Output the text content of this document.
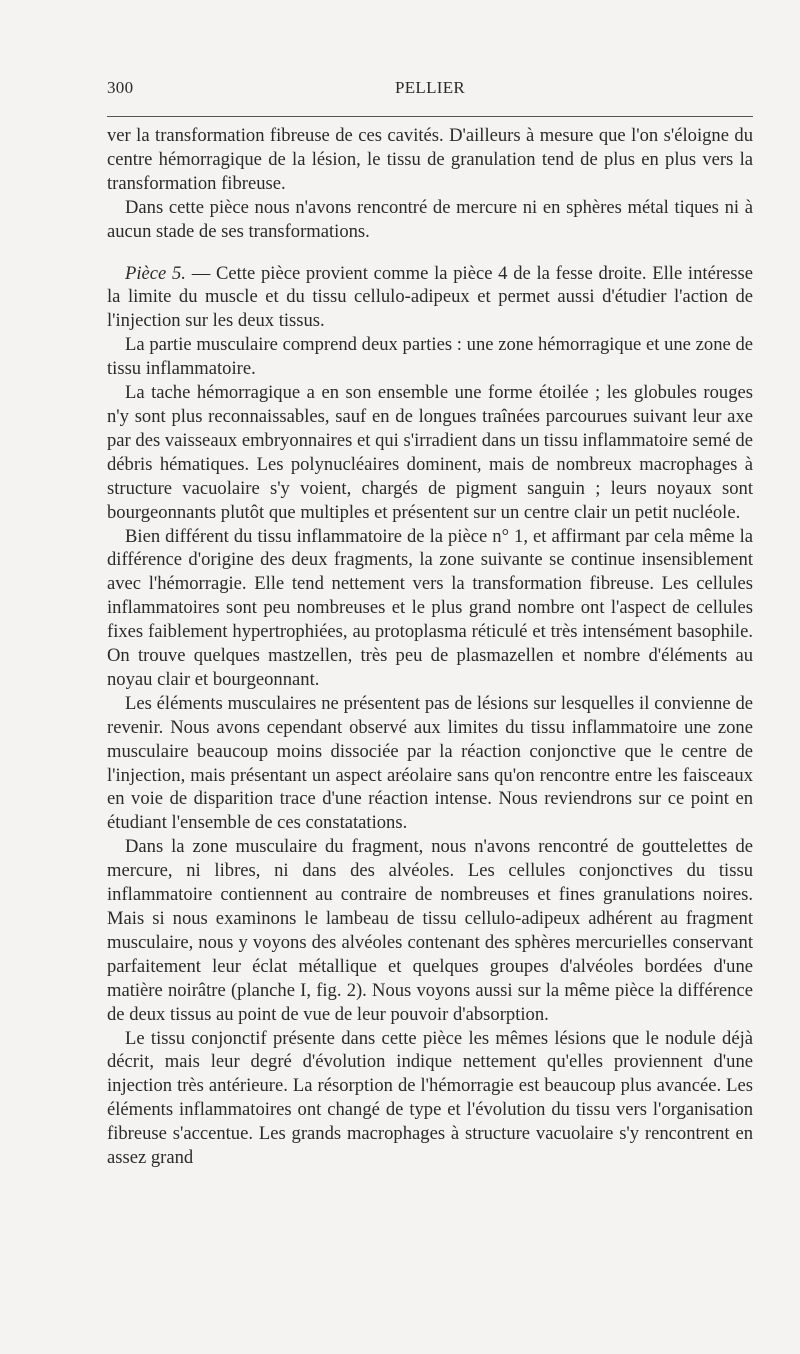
300	PELLIER

ver la transformation fibreuse de ces cavités. D'ailleurs à mesure que l'on s'éloigne du centre hémorragique de la lésion, le tissu de granulation tend de plus en plus vers la transformation fibreuse.

Dans cette pièce nous n'avons rencontré de mercure ni en sphères métal tiques ni à aucun stade de ses transformations.

Pièce 5. — Cette pièce provient comme la pièce 4 de la fesse droite. Elle intéresse la limite du muscle et du tissu cellulo-adipeux et permet aussi d'étudier l'action de l'injection sur les deux tissus.

La partie musculaire comprend deux parties : une zone hémorragique et une zone de tissu inflammatoire.

La tache hémorragique a en son ensemble une forme étoilée ; les globules rouges n'y sont plus reconnaissables, sauf en de longues traînées parcourues suivant leur axe par des vaisseaux embryonnaires et qui s'irradient dans un tissu inflammatoire semé de débris hématiques. Les polynucléaires dominent, mais de nombreux macrophages à structure vacuolaire s'y voient, chargés de pigment sanguin ; leurs noyaux sont bourgeonnants plutôt que multiples et présentent sur un centre clair un petit nucléole.

Bien différent du tissu inflammatoire de la pièce n° 1, et affirmant par cela même la différence d'origine des deux fragments, la zone suivante se continue insensiblement avec l'hémorragie. Elle tend nettement vers la transformation fibreuse. Les cellules inflammatoires sont peu nombreuses et le plus grand nombre ont l'aspect de cellules fixes faiblement hypertrophiées, au protoplasma réticulé et très intensément basophile. On trouve quelques mastzellen, très peu de plasmazellen et nombre d'éléments au noyau clair et bourgeonnant.

Les éléments musculaires ne présentent pas de lésions sur lesquelles il convienne de revenir. Nous avons cependant observé aux limites du tissu inflammatoire une zone musculaire beaucoup moins dissociée par la réaction conjonctive que le centre de l'injection, mais présentant un aspect aréolaire sans qu'on rencontre entre les faisceaux en voie de disparition trace d'une réaction intense. Nous reviendrons sur ce point en étudiant l'ensemble de ces constatations.

Dans la zone musculaire du fragment, nous n'avons rencontré de gouttelettes de mercure, ni libres, ni dans des alvéoles. Les cellules conjonctives du tissu inflammatoire contiennent au contraire de nombreuses et fines granulations noires. Mais si nous examinons le lambeau de tissu cellulo-adipeux adhérent au fragment musculaire, nous y voyons des alvéoles contenant des sphères mercurielles conservant parfaitement leur éclat métallique et quelques groupes d'alvéoles bordées d'une matière noirâtre (planche I, fig. 2). Nous voyons aussi sur la même pièce la différence de deux tissus au point de vue de leur pouvoir d'absorption.

Le tissu conjonctif présente dans cette pièce les mêmes lésions que le nodule déjà décrit, mais leur degré d'évolution indique nettement qu'elles proviennent d'une injection très antérieure. La résorption de l'hémorragie est beaucoup plus avancée. Les éléments inflammatoires ont changé de type et l'évolution du tissu vers l'organisation fibreuse s'accentue. Les grands macrophages à structure vacuolaire s'y rencontrent en assez grand
